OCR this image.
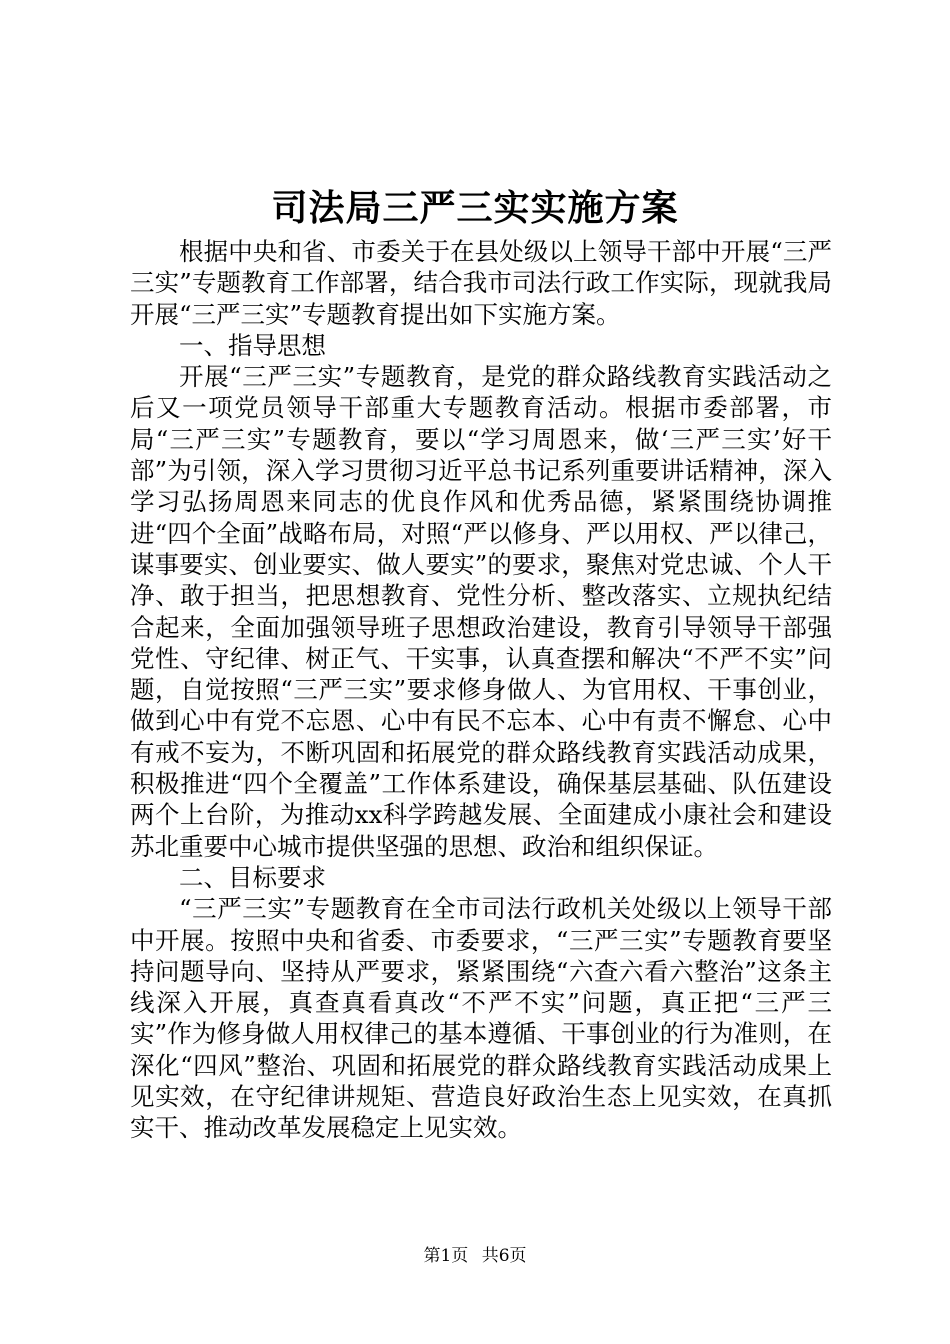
司法局三严三实实施方案

根据中央和省、市委关于在县处级以上领导干部中开展“三严三实”专题教育工作部署，结合我市司法行政工作实际，现就我局开展“三严三实”专题教育提出如下实施方案。

一、指导思想

开展“三严三实”专题教育，是党的群众路线教育实践活动之后又一项党员领导干部重大专题教育活动。根据市委部署，市局“三严三实”专题教育，要以“学习周恩来，做‘三严三实’好干部”为引领，深入学习贯彻习近平总书记系列重要讲话精神，深入学习弘扬周恩来同志的优良作风和优秀品德，紧紧围绕协调推进“四个全面”战略布局，对照“严以修身、严以用权、严以律己，谋事要实、创业要实、做人要实”的要求，聚焦对党忠诚、个人干净、敢于担当，把思想教育、党性分析、整改落实、立规执纪结合起来，全面加强领导班子思想政治建设，教育引导领导干部强党性、守纪律、树正气、干实事，认真查摆和解决“不严不实”问题，自觉按照“三严三实”要求修身做人、为官用权、干事创业，做到心中有党不忘恩、心中有民不忘本、心中有责不懈怠、心中有戒不妄为，不断巩固和拓展党的群众路线教育实践活动成果，积极推进“四个全覆盖”工作体系建设，确保基层基础、队伍建设两个上台阶，为推动xx科学跨越发展、全面建成小康社会和建设苏北重要中心城市提供坚强的思想、政治和组织保证。

二、目标要求

“三严三实”专题教育在全市司法行政机关处级以上领导干部中开展。按照中央和省委、市委要求，“三严三实”专题教育要坚持问题导向、坚持从严要求，紧紧围绕“六查六看六整治”这条主线深入开展，真查真看真改“不严不实”问题，真正把“三严三实”作为修身做人用权律己的基本遵循、干事创业的行为准则，在深化“四风”整治、巩固和拓展党的群众路线教育实践活动成果上见实效，在守纪律讲规矩、营造良好政治生态上见实效，在真抓实干、推动改革发展稳定上见实效。

第1页 共6页
